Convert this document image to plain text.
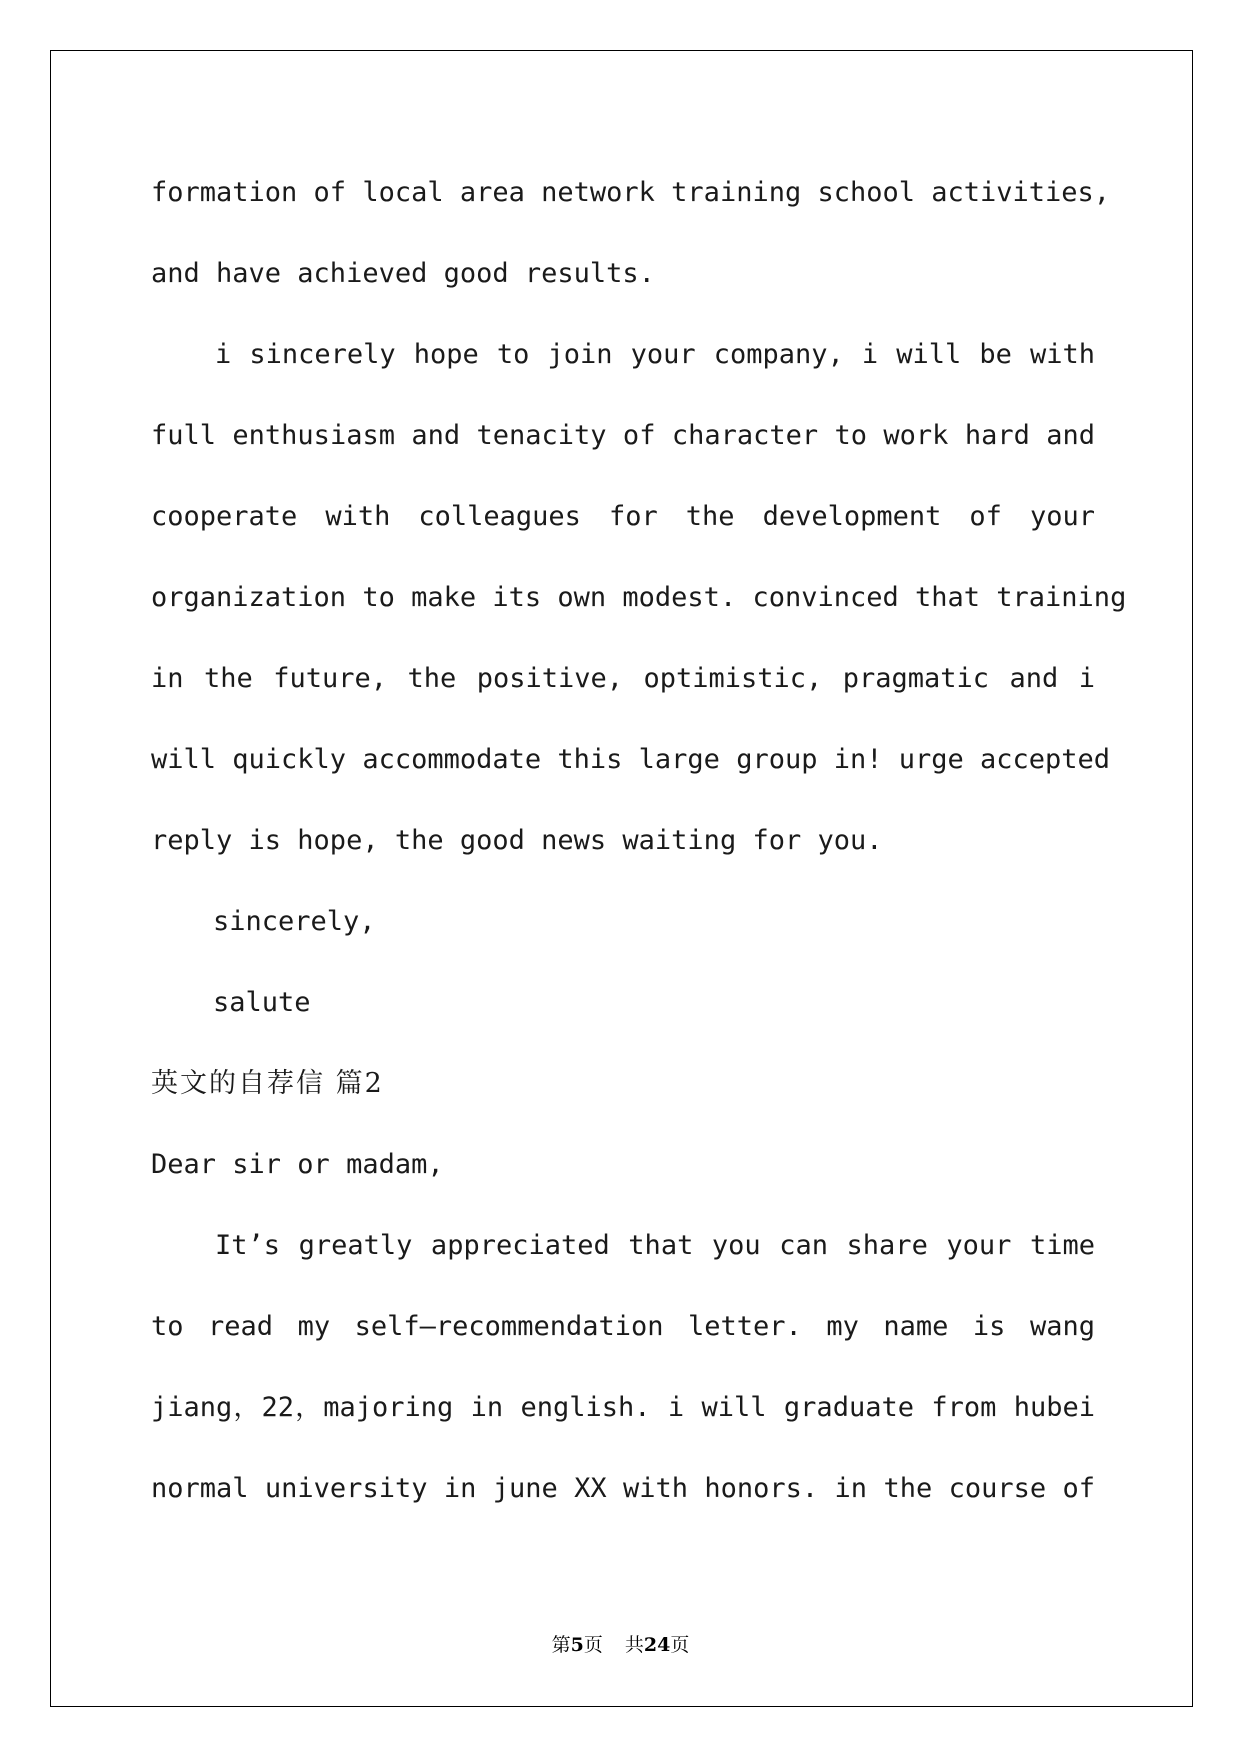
formation of local area network training school activities,
and have achieved good results.
i sincerely hope to join your company, i will be with
full enthusiasm and tenacity of character to work hard and
cooperate with colleagues for the development of your
organization to make its own modest. convinced that training
in the future, the positive, optimistic, pragmatic and i
will quickly accommodate this large group in! urge accepted
reply is hope, the good news waiting for you.
sincerely,
salute
英文的自荐信 篇2
Dear sir or madam,
It’s greatly appreciated that you can share your time
to read my self—recommendation letter. my name is wang
jiang，22，majoring in english. i will graduate from hubei
normal university in june XX with honors. in the course of
第5页 共24页
